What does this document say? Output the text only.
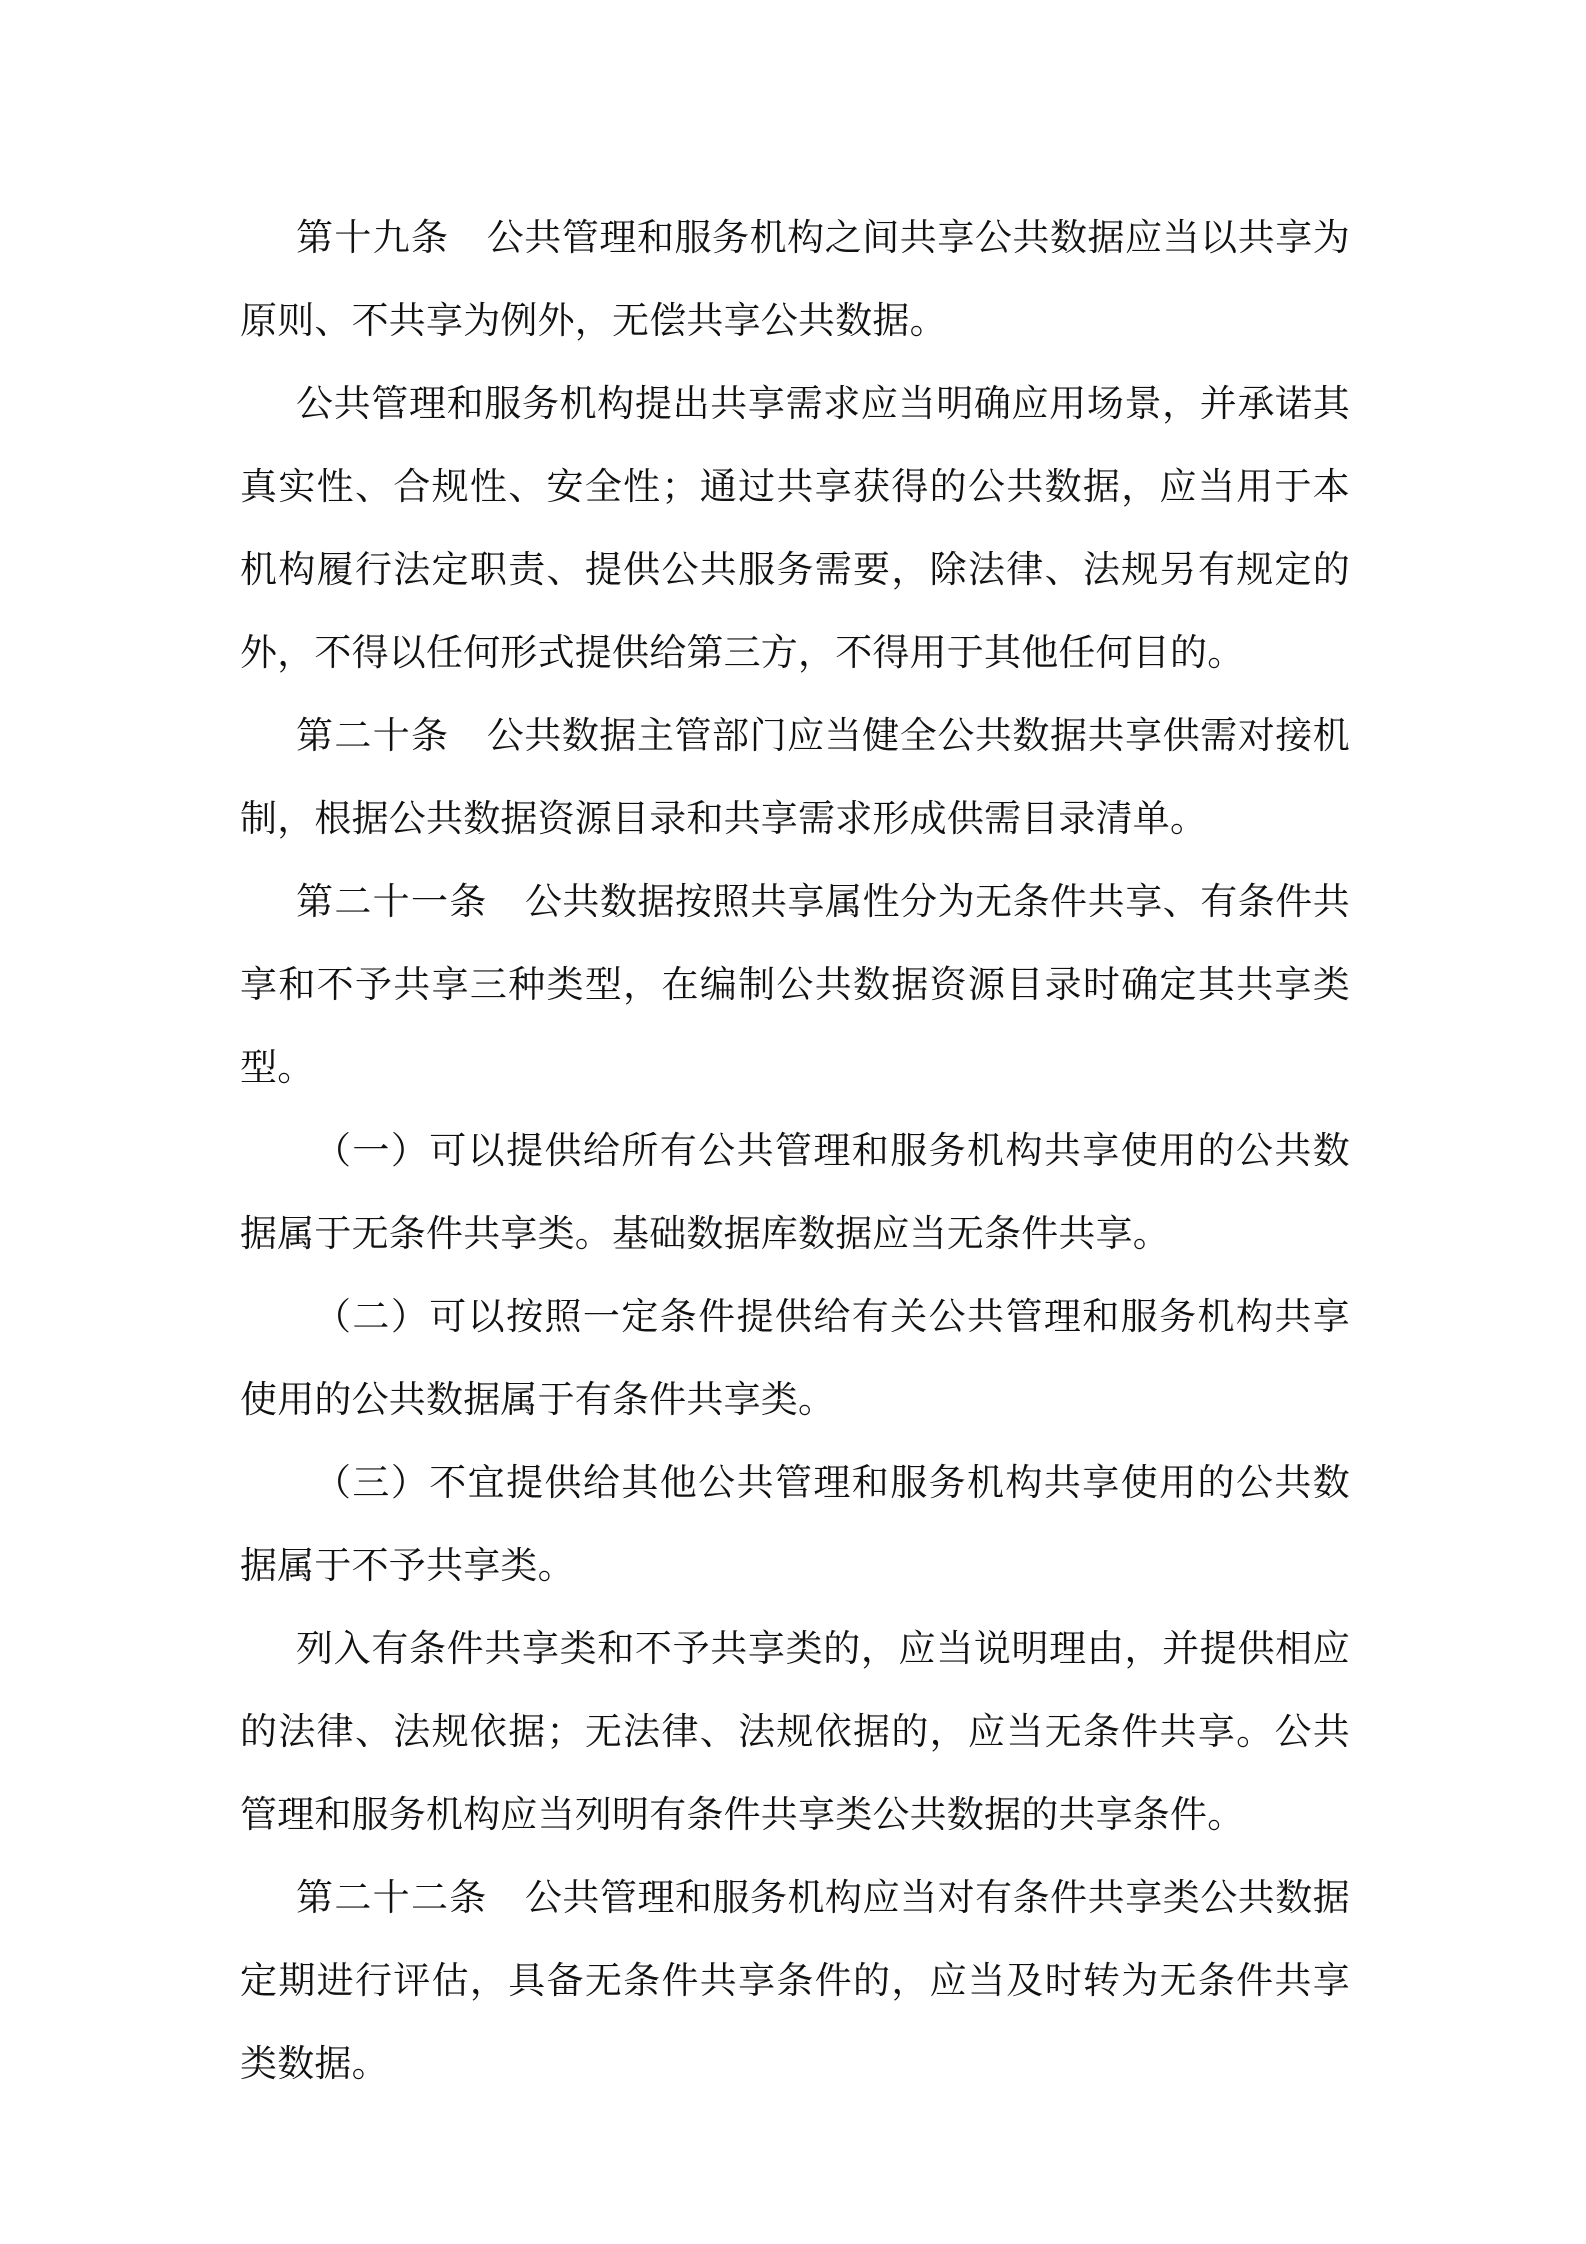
第十九条 公共管理和服务机构之间共享公共数据应当以共享为原则、不共享为例外，无偿共享公共数据。

公共管理和服务机构提出共享需求应当明确应用场景，并承诺其真实性、合规性、安全性；通过共享获得的公共数据，应当用于本机构履行法定职责、提供公共服务需要，除法律、法规另有规定的外，不得以任何形式提供给第三方，不得用于其他任何目的。

第二十条 公共数据主管部门应当健全公共数据共享供需对接机制，根据公共数据资源目录和共享需求形成供需目录清单。

第二十一条 公共数据按照共享属性分为无条件共享、有条件共享和不予共享三种类型，在编制公共数据资源目录时确定其共享类型。

（一）可以提供给所有公共管理和服务机构共享使用的公共数据属于无条件共享类。基础数据库数据应当无条件共享。

（二）可以按照一定条件提供给有关公共管理和服务机构共享使用的公共数据属于有条件共享类。

（三）不宜提供给其他公共管理和服务机构共享使用的公共数据属于不予共享类。

列入有条件共享类和不予共享类的，应当说明理由，并提供相应的法律、法规依据；无法律、法规依据的，应当无条件共享。公共管理和服务机构应当列明有条件共享类公共数据的共享条件。

第二十二条 公共管理和服务机构应当对有条件共享类公共数据定期进行评估，具备无条件共享条件的，应当及时转为无条件共享类数据。
